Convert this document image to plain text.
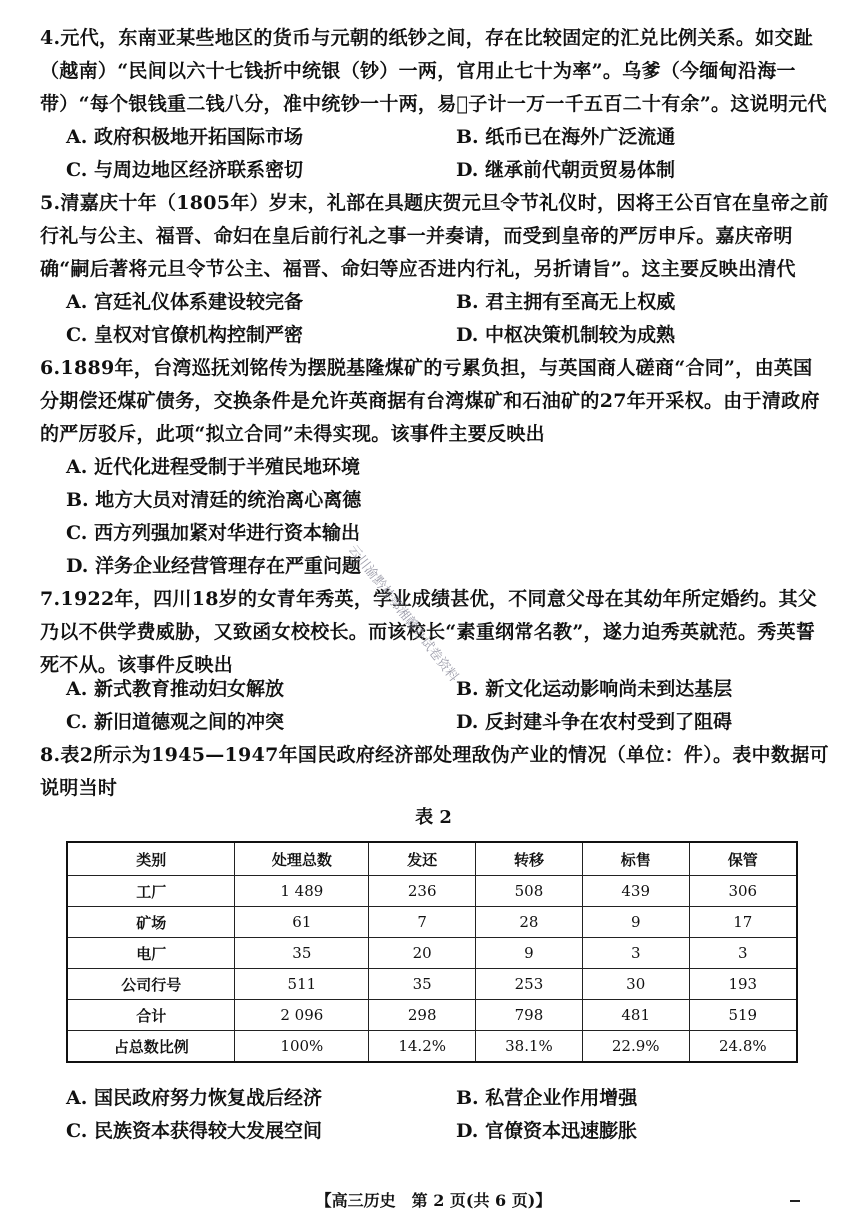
4.元代，东南亚某些地区的货币与元朝的纸钞之间，存在比较固定的汇兑比例关系。如交趾（越南）“民间以六十七钱折中统银（钞）一两，官用止七十为率”。乌爹（今缅甸沿海一带）“每个银钱重二钱八分，准中统钞一十两，易𧴩子计一万一千五百二十有余”。这说明元代
A. 政府积极地开拓国际市场	B. 纸币已在海外广泛流通
C. 与周边地区经济联系密切	D. 继承前代朝贡贸易体制
5.清嘉庆十年（1805年）岁末，礼部在具题庆贺元旦令节礼仪时，因将王公百官在皇帝之前行礼与公主、福晋、命妇在皇后前行礼之事一并奏请，而受到皇帝的严厉申斥。嘉庆帝明确“嗣后著将元旦令节公主、福晋、命妇等应否进内行礼，另折请旨”。这主要反映出清代
A. 宫廷礼仪体系建设较完备	B. 君主拥有至高无上权威
C. 皇权对官僚机构控制严密	D. 中枢决策机制较为成熟
6.1889年，台湾巡抚刘铭传为摆脱基隆煤矿的亏累负担，与英国商人磋商“合同”，由英国分期偿还煤矿债务，交换条件是允许英商据有台湾煤矿和石油矿的27年开采权。由于清政府的严厉驳斥，此项“拟立合同”未得实现。该事件主要反映出
A. 近代化进程受制于半殖民地环境
B. 地方大员对清廷的统治离心离德
C. 西方列强加紧对华进行资本输出
D. 洋务企业经营管理存在严重问题
7.1922年，四川18岁的女青年秀英，学业成绩甚优，不同意父母在其幼年所定婚约。其父乃以不供学费威胁，又致函女校校长。而该校长“素重纲常名教”，遂力迫秀英就范。秀英誓死不从。该事件反映出
A. 新式教育推动妇女解放	B. 新文化运动影响尚未到达基层
C. 新旧道德观之间的冲突	D. 反封建斗争在农村受到了阻碍
8.表2所示为1945—1947年国民政府经济部处理敌伪产业的情况（单位：件）。表中数据可说明当时
表 2
类别	处理总数	发还	转移	标售	保管
工厂	1 489	236	508	439	306
矿场	61	7	28	9	17
电厂	35	20	9	3	3
公司行号	511	35	253	30	193
合计	2 096	298	798	481	519
占总数比例	100%	14.2%	38.1%	22.9%	24.8%
A. 国民政府努力恢复战后经济	B. 私营企业作用增强
C. 民族资本获得较大发展空间	D. 官僚资本迅速膨胀
云川渝黔桂鄂湘赣办试卷资料
【高三历史　第 2 页(共 6 页)】
